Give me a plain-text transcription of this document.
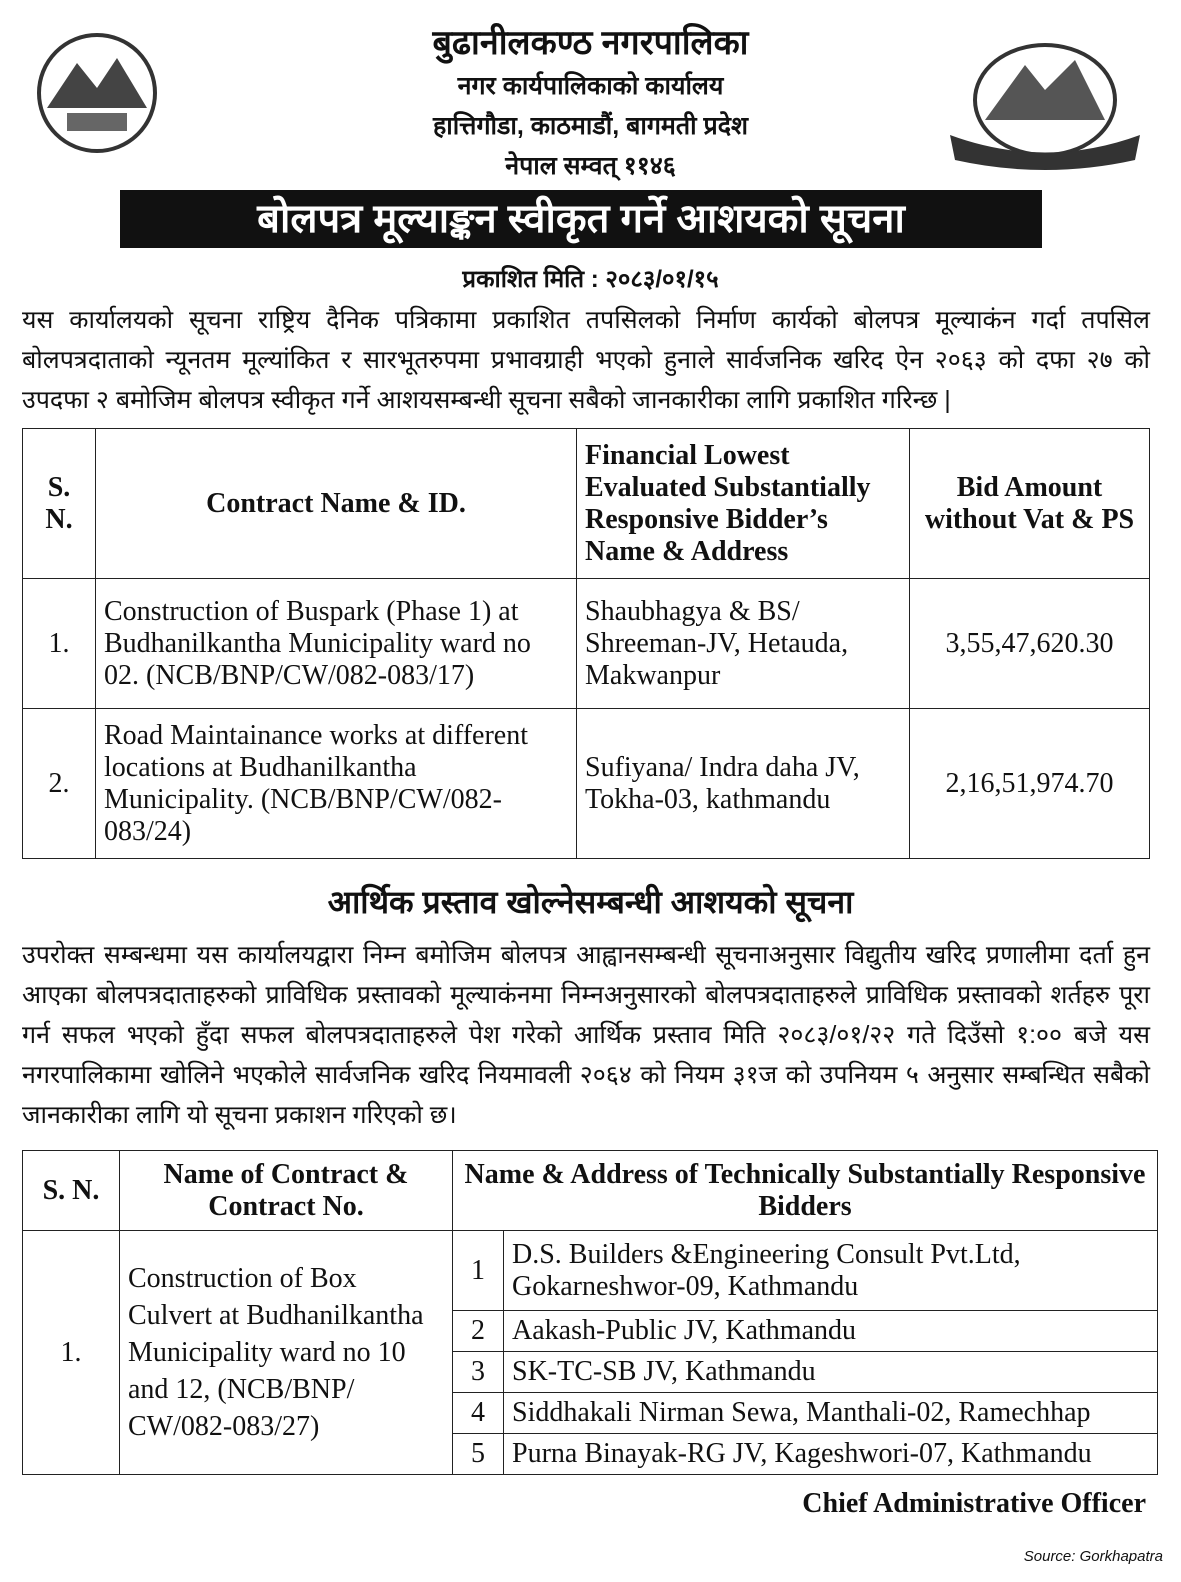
बुढानीलकण्ठ नगरपालिका
नगर कार्यपालिकाको कार्यालय
हात्तिगौडा, काठमाडौं, बागमती प्रदेश
नेपाल सम्वत् ११४६
बोलपत्र मूल्याङ्कन स्वीकृत गर्ने आशयको सूचना
प्रकाशित मिति : २०८३/०१/१५
यस कार्यालयको सूचना राष्ट्रिय दैनिक पत्रिकामा प्रकाशित तपसिलको निर्माण कार्यको बोलपत्र मूल्याकंन गर्दा तपसिल बोलपत्रदाताको न्यूनतम मूल्यांकित र सारभूतरुपमा प्रभावग्राही भएको हुनाले सार्वजनिक खरिद ऐन २०६३ को दफा २७ को उपदफा २ बमोजिम बोलपत्र स्वीकृत गर्ने आशयसम्बन्धी सूचना सबैको जानकारीका लागि प्रकाशित गरिन्छ |
S. N.	Contract Name & ID.	Financial Lowest Evaluated Substantially Responsive Bidder’s Name & Address	Bid Amount without Vat & PS
1.	Construction of Buspark (Phase 1) at Budhanilkantha Municipality ward no 02. (NCB/BNP/CW/082-083/17)	Shaubhagya & BS/ Shreeman-JV, Hetauda, Makwanpur	3,55,47,620.30
2.	Road Maintainance works at different locations at Budhanilkantha Municipality. (NCB/BNP/CW/082-083/24)	Sufiyana/ Indra daha JV, Tokha-03, kathmandu	2,16,51,974.70
आर्थिक प्रस्ताव खोल्नेसम्बन्धी आशयको सूचना
उपरोक्त सम्बन्धमा यस कार्यालयद्वारा निम्न बमोजिम बोलपत्र आह्वानसम्बन्धी सूचनाअनुसार विद्युतीय खरिद प्रणालीमा दर्ता हुन आएका बोलपत्रदाताहरुको प्राविधिक प्रस्तावको मूल्याकंनमा निम्नअनुसारको बोलपत्रदाताहरुले प्राविधिक प्रस्तावको शर्तहरु पूरा गर्न सफल भएको हुँदा सफल बोलपत्रदाताहरुले पेश गरेको आर्थिक प्रस्ताव मिति २०८३/०१/२२ गते दिउँसो १:०० बजे यस नगरपालिकामा खोलिने भएकोले सार्वजनिक खरिद नियमावली २०६४ को नियम ३१ज को उपनियम ५ अनुसार सम्बन्धित सबैको जानकारीका लागि यो सूचना प्रकाशन गरिएको छ।
S. N.	Name of Contract & Contract No.	Name & Address of Technically Substantially Responsive Bidders	
1.	Construction of Box Culvert at Budhanilkantha Municipality ward no 10 and 12, (NCB/BNP/ CW/082-083/27)	1	D.S. Builders &Engineering Consult Pvt.Ltd, Gokarneshwor-09, Kathmandu
		2	Aakash-Public JV, Kathmandu
		3	SK-TC-SB JV, Kathmandu
		4	Siddhakali Nirman Sewa, Manthali-02, Ramechhap
		5	Purna Binayak-RG JV, Kageshwori-07, Kathmandu
Chief Administrative Officer
Source: Gorkhapatra
